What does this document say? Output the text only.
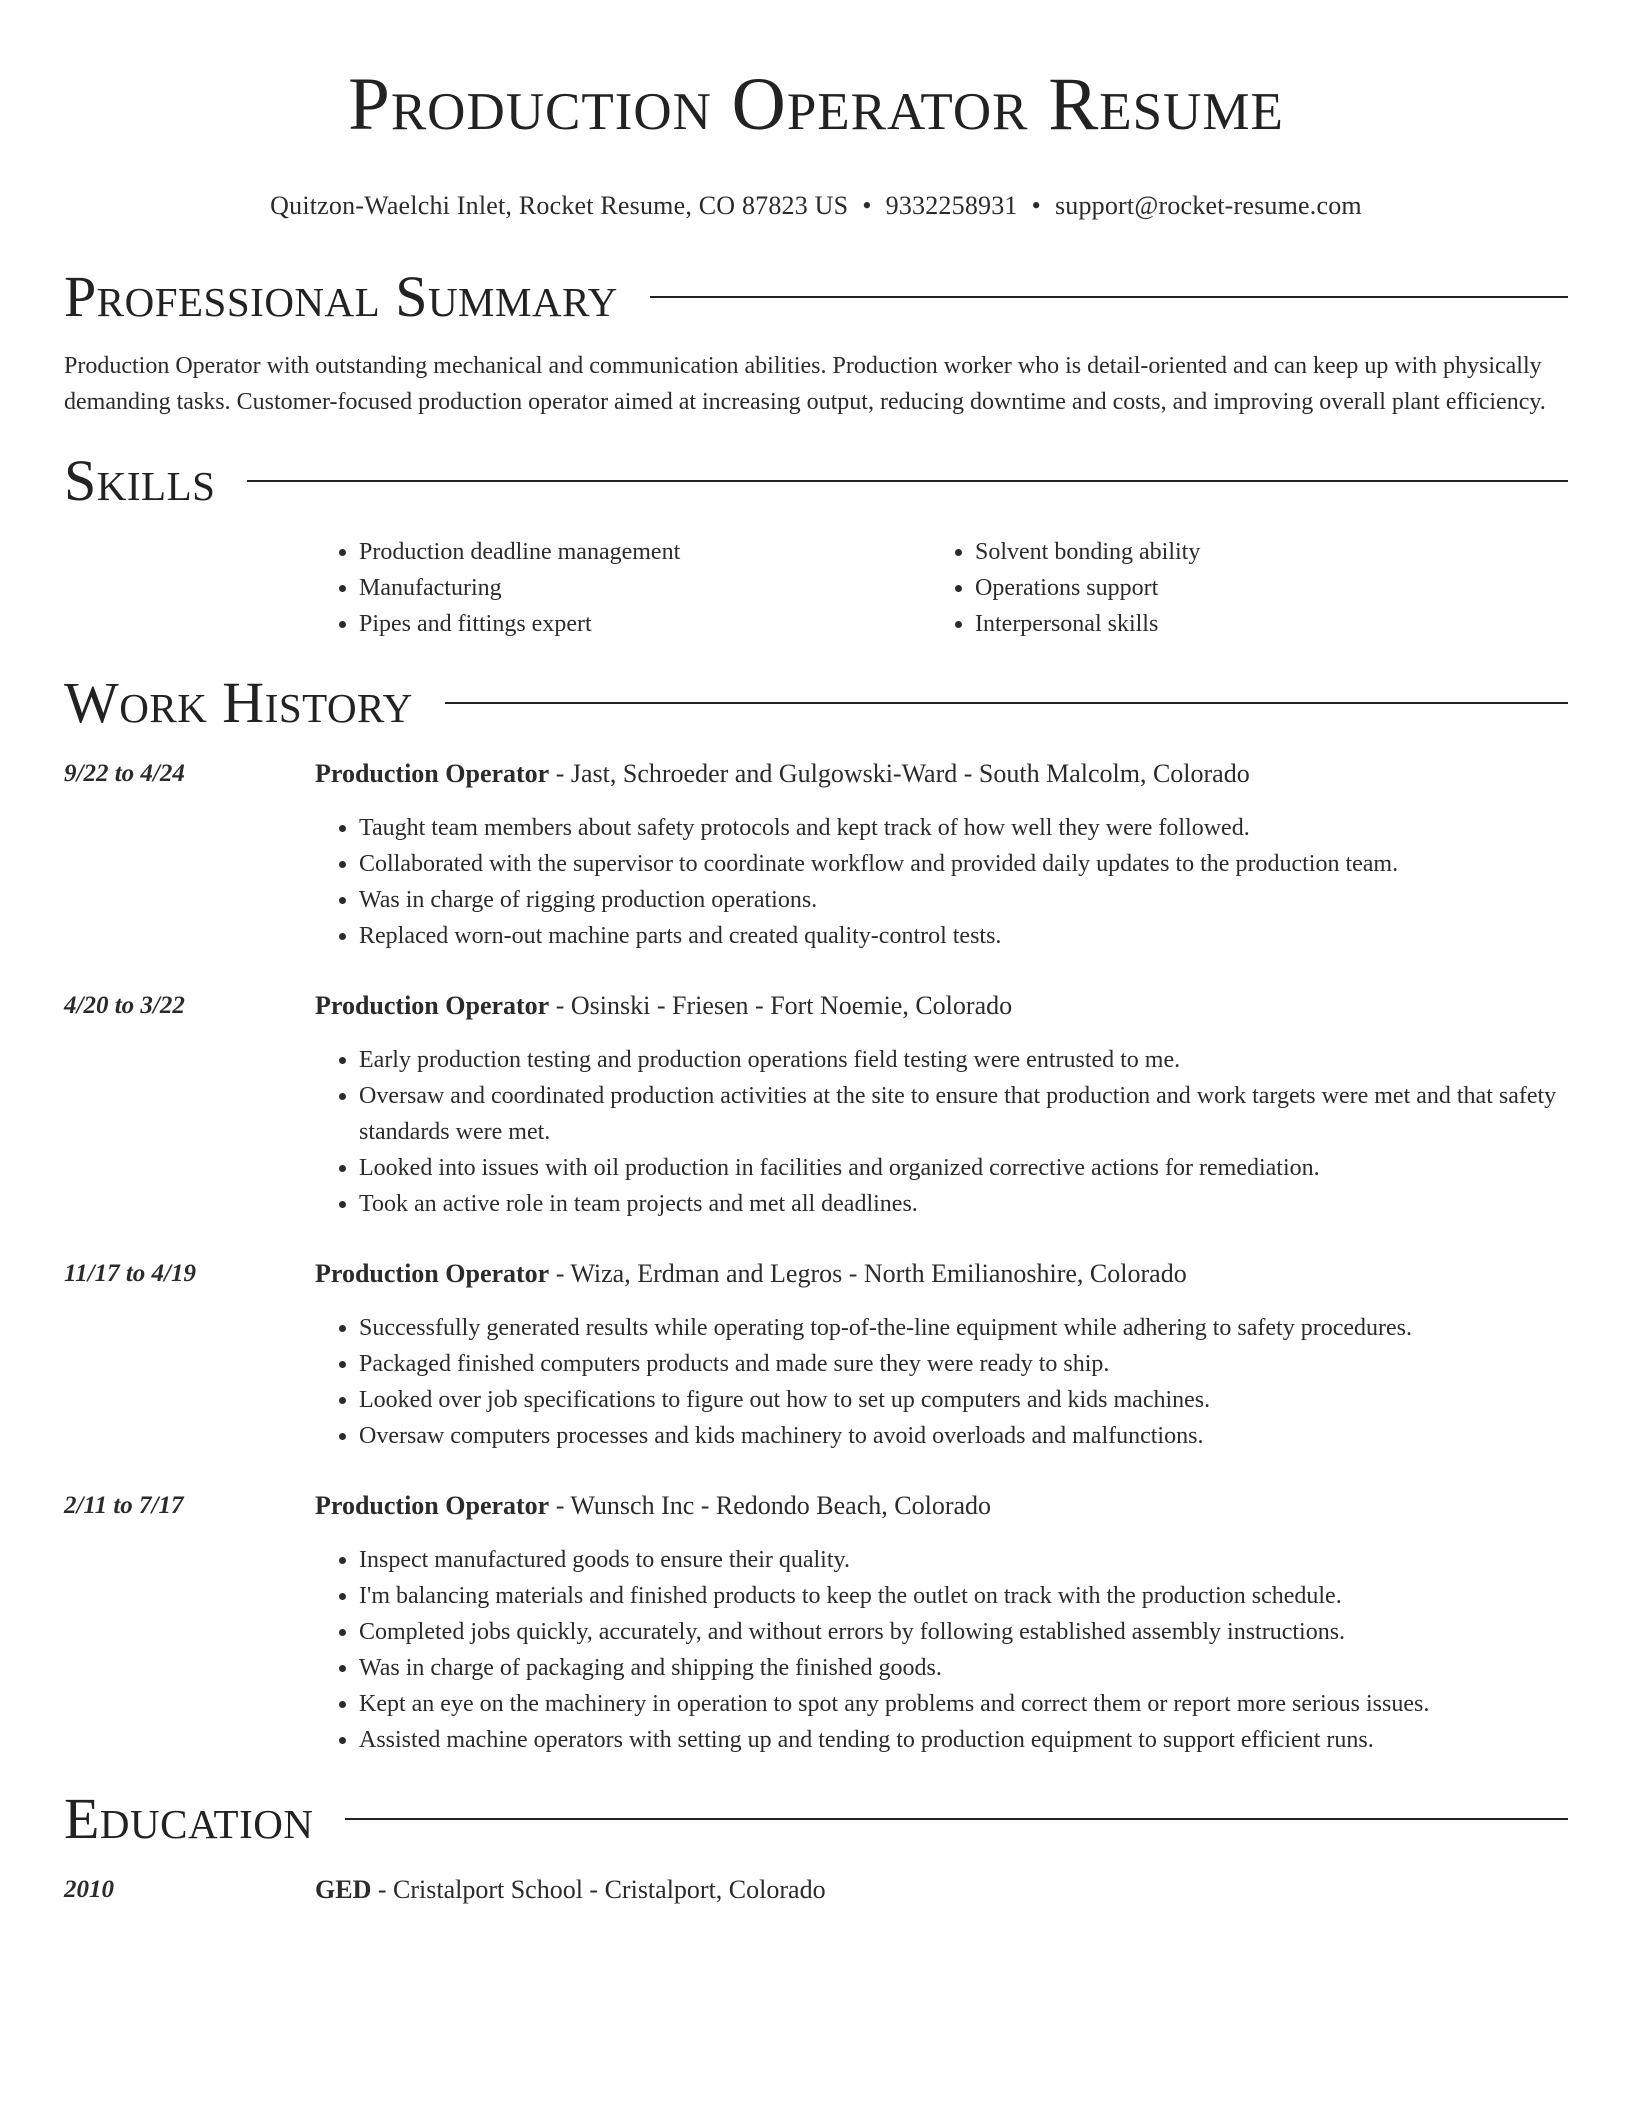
Production Operator Resume
Quitzon-Waelchi Inlet, Rocket Resume, CO 87823 US • 9332258931 • support@rocket-resume.com
Professional Summary

Production Operator with outstanding mechanical and communication abilities. Production worker who is detail-oriented and can keep up with physically demanding tasks. Customer-focused production operator aimed at increasing output, reducing downtime and costs, and improving overall plant efficiency.

Skills
• Production deadline management
• Manufacturing
• Pipes and fittings expert
• Solvent bonding ability
• Operations support
• Interpersonal skills
Work History
9/22 to 4/24	Production Operator - Jast, Schroeder and Gulgowski-Ward - South Malcolm, Colorado
• Taught team members about safety protocols and kept track of how well they were followed.
• Collaborated with the supervisor to coordinate workflow and provided daily updates to the production team.
• Was in charge of rigging production operations.
• Replaced worn-out machine parts and created quality-control tests.
4/20 to 3/22	Production Operator - Osinski - Friesen - Fort Noemie, Colorado
• Early production testing and production operations field testing were entrusted to me.
• Oversaw and coordinated production activities at the site to ensure that production and work targets were met and that safety standards were met.
• Looked into issues with oil production in facilities and organized corrective actions for remediation.
• Took an active role in team projects and met all deadlines.
11/17 to 4/19	Production Operator - Wiza, Erdman and Legros - North Emilianoshire, Colorado
• Successfully generated results while operating top-of-the-line equipment while adhering to safety procedures.
• Packaged finished computers products and made sure they were ready to ship.
• Looked over job specifications to figure out how to set up computers and kids machines.
• Oversaw computers processes and kids machinery to avoid overloads and malfunctions.
2/11 to 7/17	Production Operator - Wunsch Inc - Redondo Beach, Colorado
• Inspect manufactured goods to ensure their quality.
• I'm balancing materials and finished products to keep the outlet on track with the production schedule.
• Completed jobs quickly, accurately, and without errors by following established assembly instructions.
• Was in charge of packaging and shipping the finished goods.
• Kept an eye on the machinery in operation to spot any problems and correct them or report more serious issues.
• Assisted machine operators with setting up and tending to production equipment to support efficient runs.
Education
2010	GED - Cristalport School - Cristalport, Colorado
